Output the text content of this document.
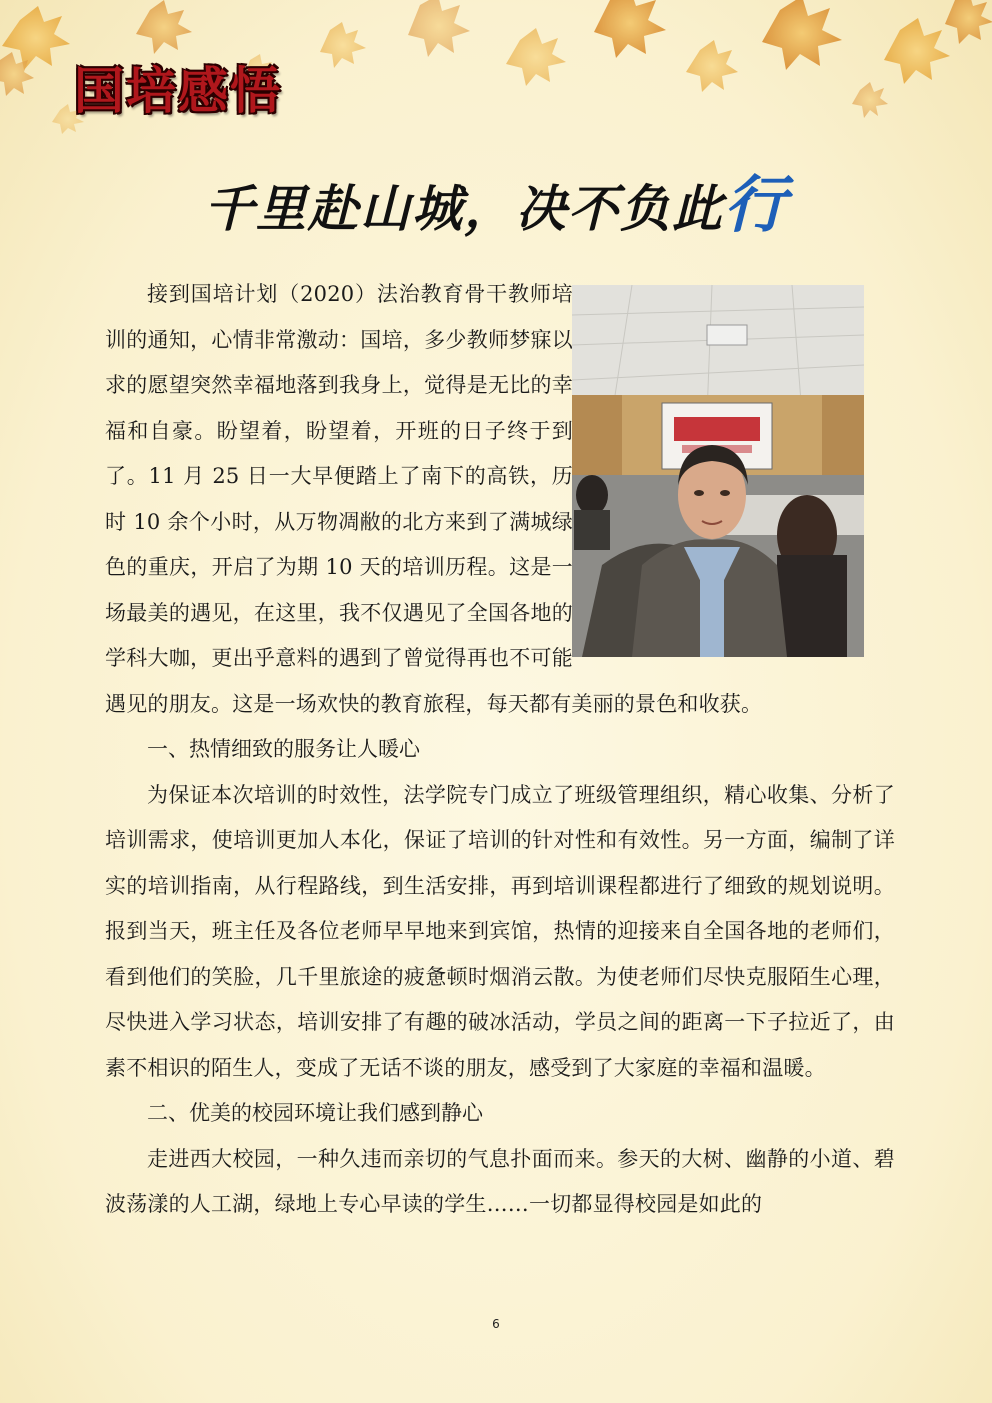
国培感悟
千里赴山城，决不负此行

接到国培计划（2020）法治教育骨干教师培训的通知，心情非常激动：国培，多少教师梦寐以求的愿望突然幸福地落到我身上，觉得是无比的幸福和自豪。盼望着，盼望着，开班的日子终于到了。11 月 25 日一大早便踏上了南下的高铁，历时 10 余个小时，从万物凋敝的北方来到了满城绿色的重庆，开启了为期 10 天的培训历程。这是一场最美的遇见，在这里，我不仅遇见了全国各地的学科大咖，更出乎意料的遇到了曾觉得再也不可能遇见的朋友。这是一场欢快的教育旅程，每天都有美丽的景色和收获。

一、热情细致的服务让人暖心

为保证本次培训的时效性，法学院专门成立了班级管理组织，精心收集、分析了培训需求，使培训更加人本化，保证了培训的针对性和有效性。另一方面，编制了详实的培训指南，从行程路线，到生活安排，再到培训课程都进行了细致的规划说明。报到当天，班主任及各位老师早早地来到宾馆，热情的迎接来自全国各地的老师们，看到他们的笑脸，几千里旅途的疲惫顿时烟消云散。为使老师们尽快克服陌生心理，尽快进入学习状态，培训安排了有趣的破冰活动，学员之间的距离一下子拉近了，由素不相识的陌生人，变成了无话不谈的朋友，感受到了大家庭的幸福和温暖。

二、优美的校园环境让我们感到静心

走进西大校园，一种久违而亲切的气息扑面而来。参天的大树、幽静的小道、碧波荡漾的人工湖，绿地上专心早读的学生……一切都显得校园是如此的

6
